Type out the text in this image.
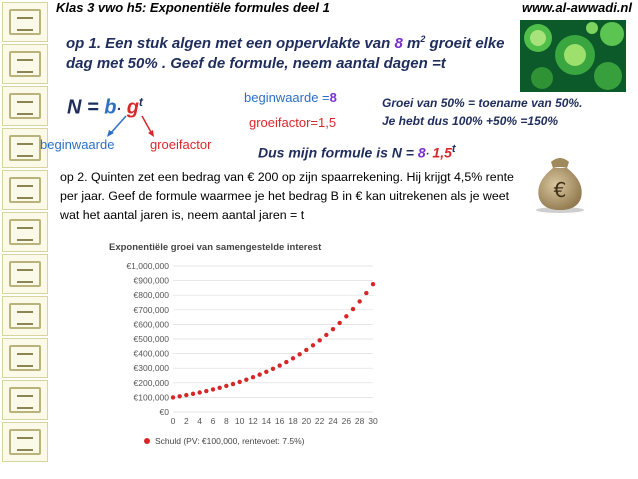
Klas 3 vwo h5: Exponentiële formules deel 1	www.al-awwadi.nl
op 1. Een stuk algen met een oppervlakte van 8 $m^2$ groeit elke
dag met 50% . Geef de formule, neem aantal dagen =t
$N = b\cdot g^t$
beginwaarde	groeifactor
beginwaarde =8
groeifactor=1,5
Groei van 50% = toename van 50%.
Je hebt dus 100% +50% =150%
Dus mijn formule is $N = 8\cdot 1,5^t$
€
op 2. Quinten zet een bedrag van € 200 op zijn spaarrekening. Hij krijgt 4,5% rente per jaar. Geef de formule waarmee je het bedrag B in € kan uitrekenen als je weet wat het aantal jaren is, neem aantal jaren = t
Exponentiële groei van samengestelde interest
€0
€100,000
€200,000
€300,000
€400,000
€500,000
€600,000
€700,000
€800,000
€900,000
€1,000,000
0 2 4 6 8 10 12 14 16 18 20 22 24 26 28 30
Schuld (PV: €100,000, rentevoet: 7.5%)
